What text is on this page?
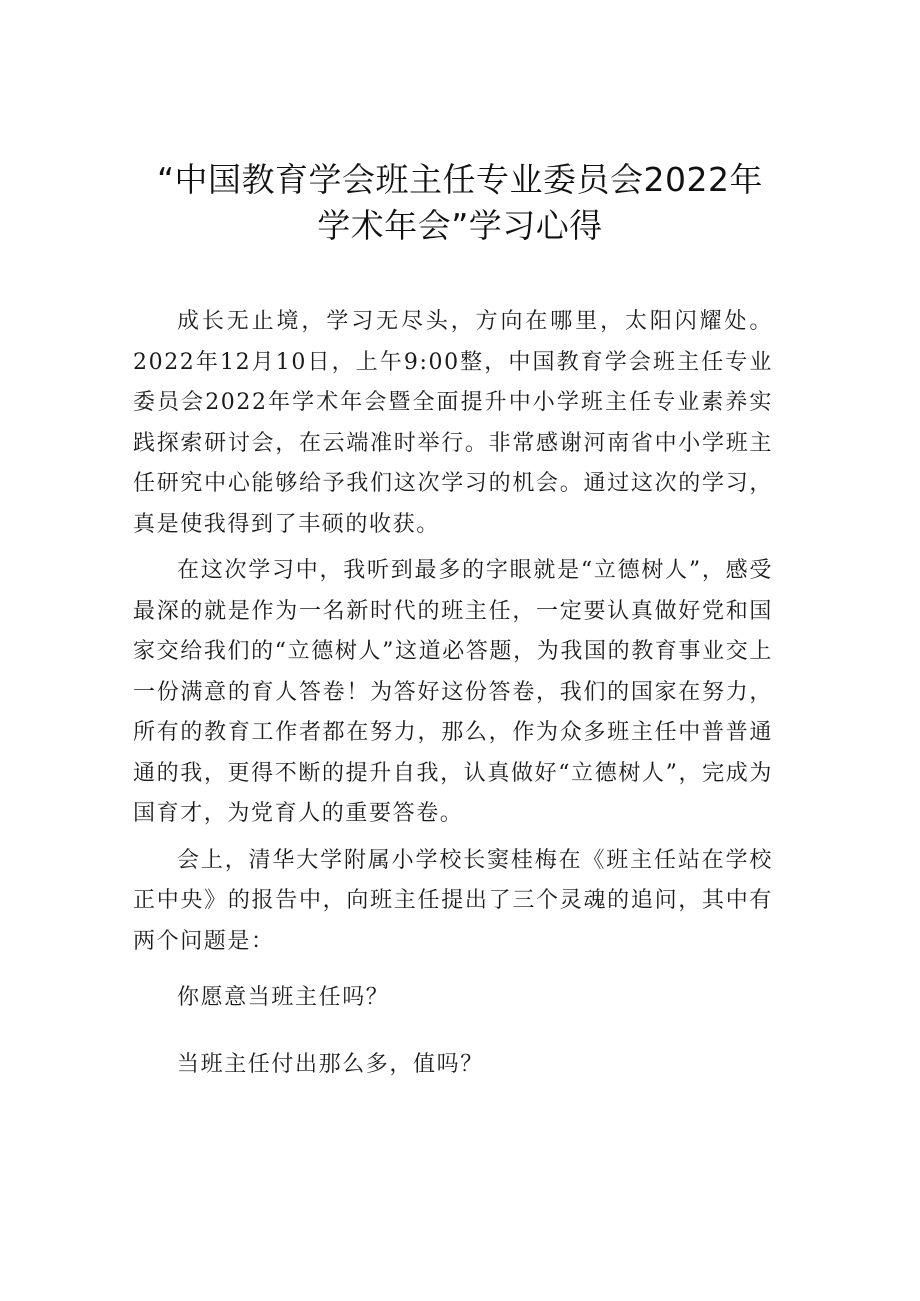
“中国教育学会班主任专业委员会2022年学术年会”学习心得

成长无止境，学习无尽头，方向在哪里，太阳闪耀处。2022年12月10日，上午9:00整，中国教育学会班主任专业委员会2022年学术年会暨全面提升中小学班主任专业素养实践探索研讨会，在云端准时举行。非常感谢河南省中小学班主任研究中心能够给予我们这次学习的机会。通过这次的学习，真是使我得到了丰硕的收获。

在这次学习中，我听到最多的字眼就是“立德树人”，感受最深的就是作为一名新时代的班主任，一定要认真做好党和国家交给我们的“立德树人”这道必答题，为我国的教育事业交上一份满意的育人答卷！为答好这份答卷，我们的国家在努力，所有的教育工作者都在努力，那么，作为众多班主任中普普通通的我，更得不断的提升自我，认真做好“立德树人”，完成为国育才，为党育人的重要答卷。

会上，清华大学附属小学校长窦桂梅在《班主任站在学校正中央》的报告中，向班主任提出了三个灵魂的追问，其中有两个问题是：

你愿意当班主任吗？

当班主任付出那么多，值吗？
